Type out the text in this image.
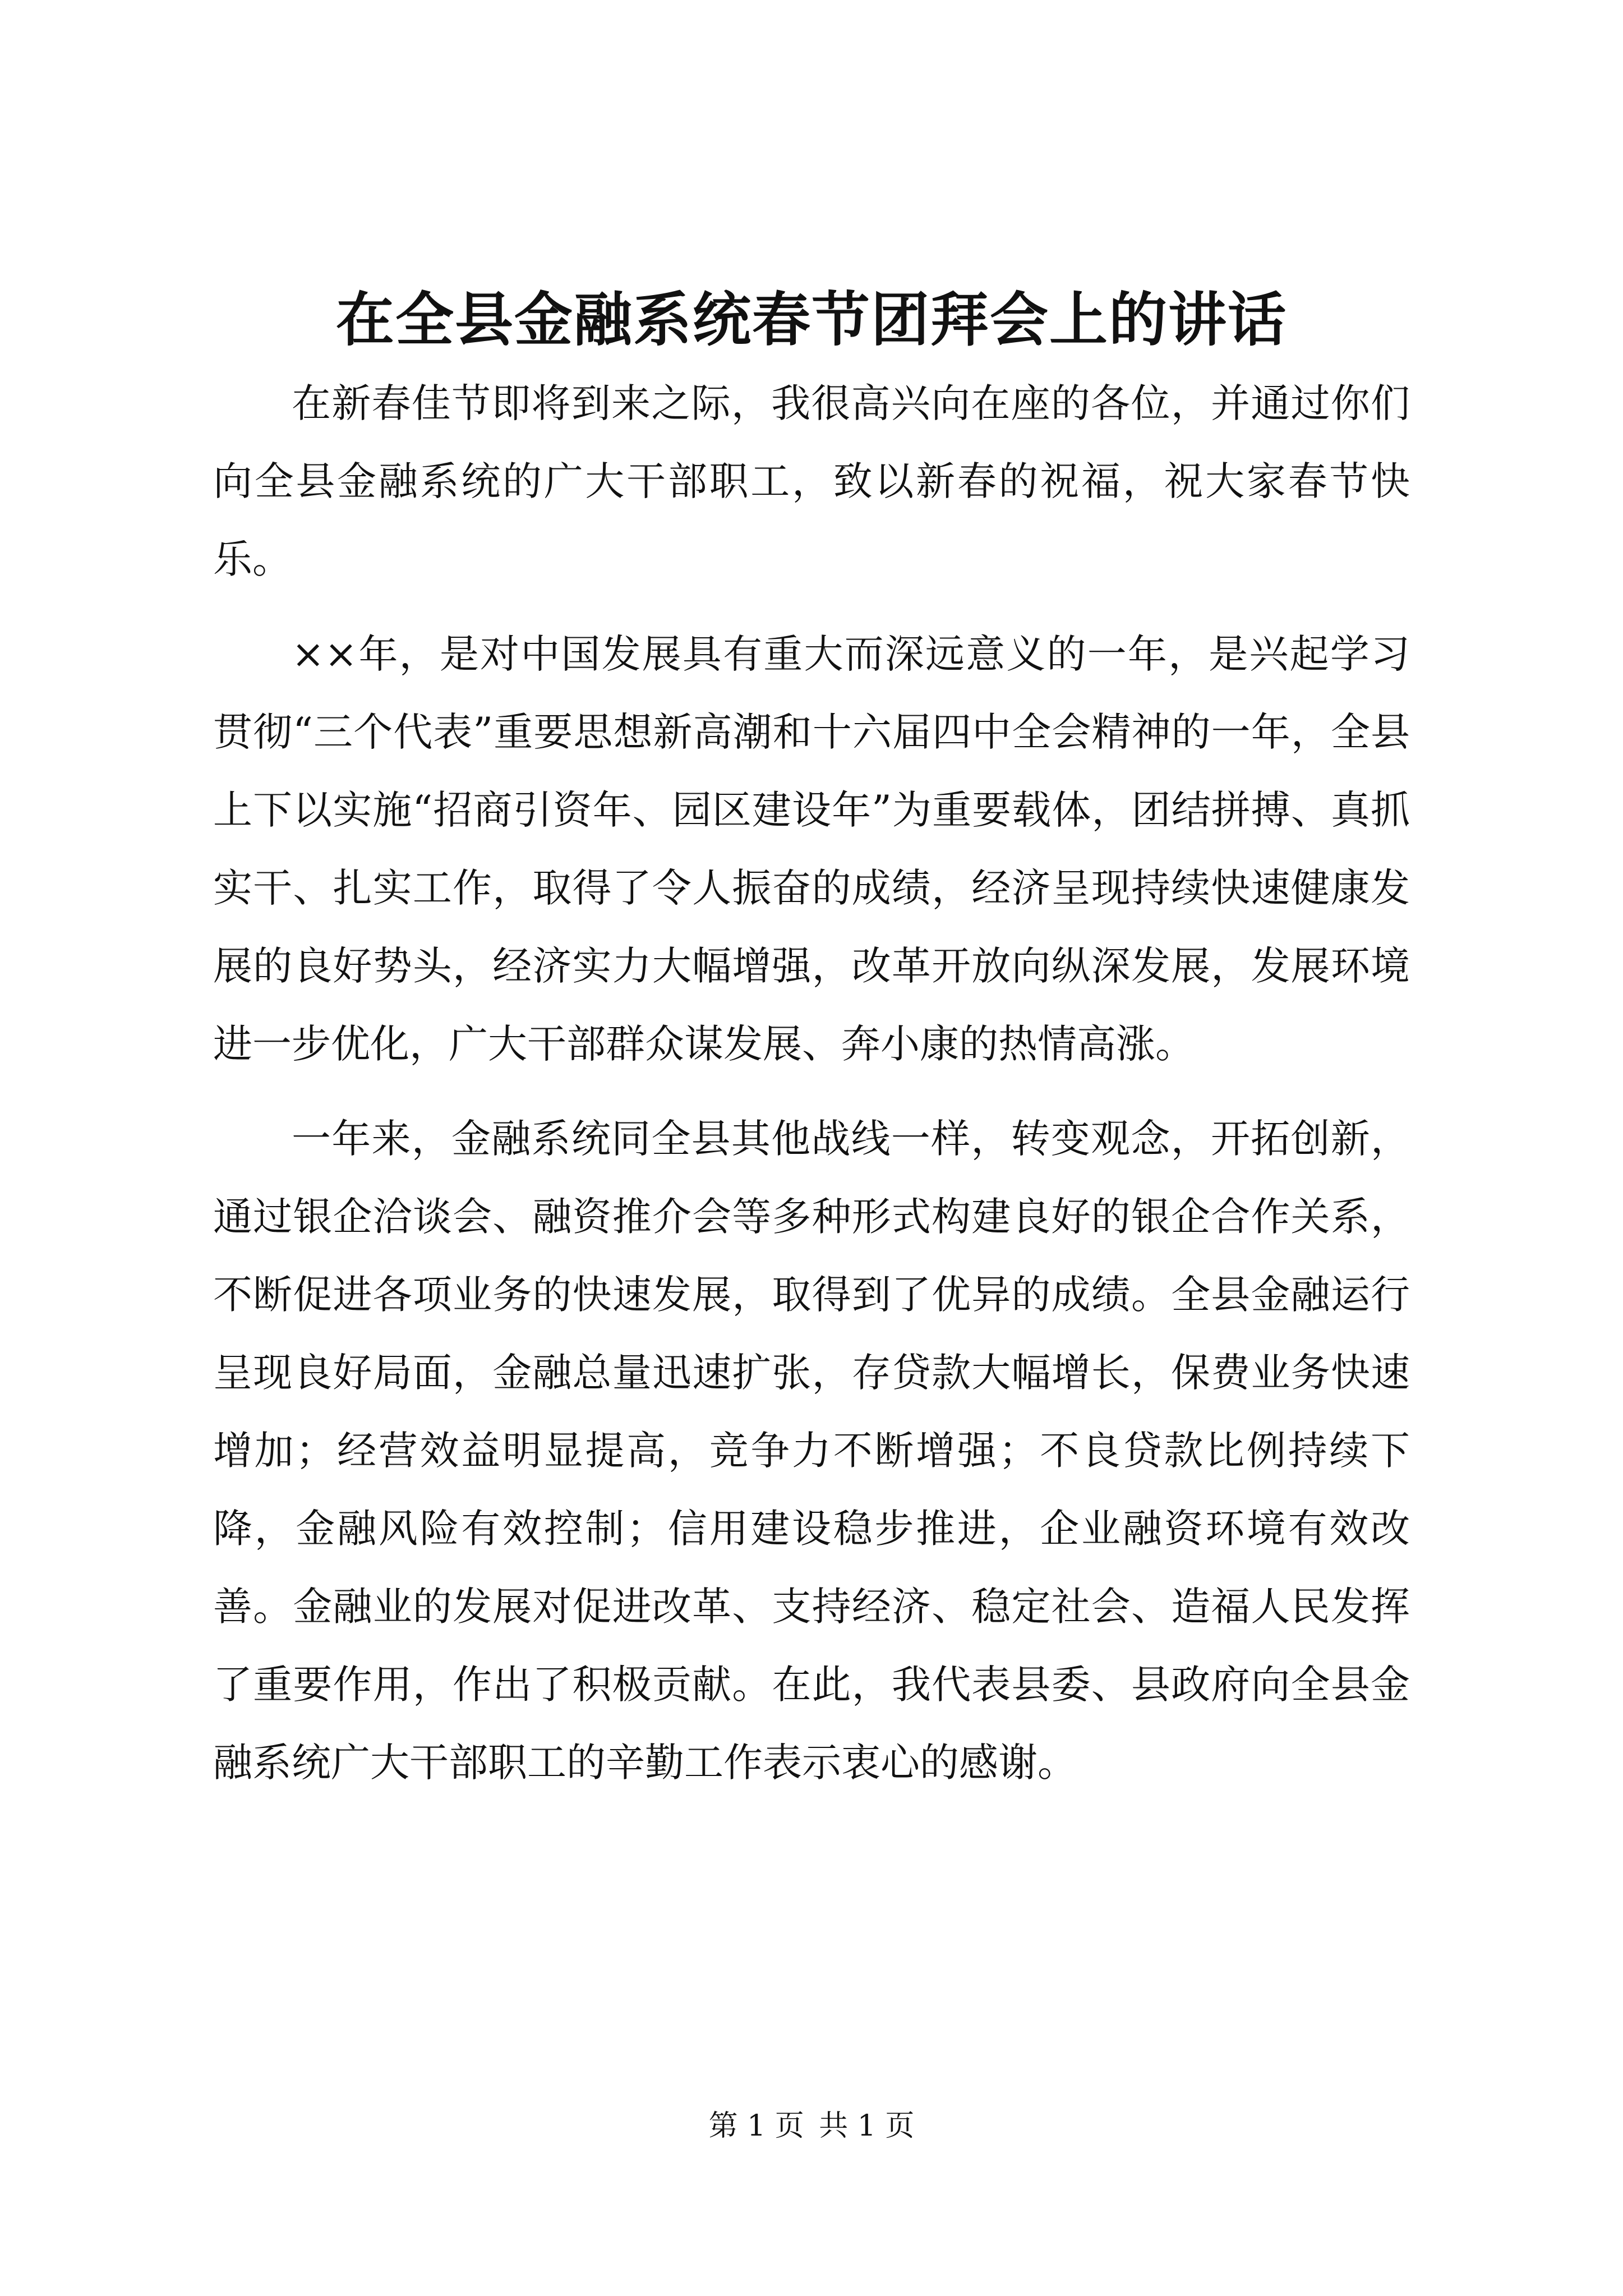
在全县金融系统春节团拜会上的讲话

在新春佳节即将到来之际，我很高兴向在座的各位，并通过你们向全县金融系统的广大干部职工，致以新春的祝福，祝大家春节快乐。

××年，是对中国发展具有重大而深远意义的一年，是兴起学习贯彻“三个代表”重要思想新高潮和十六届四中全会精神的一年，全县上下以实施“招商引资年、园区建设年”为重要载体，团结拼搏、真抓实干、扎实工作，取得了令人振奋的成绩，经济呈现持续快速健康发展的良好势头，经济实力大幅增强，改革开放向纵深发展，发展环境进一步优化，广大干部群众谋发展、奔小康的热情高涨。

一年来，金融系统同全县其他战线一样，转变观念，开拓创新，通过银企洽谈会、融资推介会等多种形式构建良好的银企合作关系，不断促进各项业务的快速发展，取得到了优异的成绩。全县金融运行呈现良好局面，金融总量迅速扩张，存贷款大幅增长，保费业务快速增加；经营效益明显提高，竞争力不断增强；不良贷款比例持续下降，金融风险有效控制；信用建设稳步推进，企业融资环境有效改善。金融业的发展对促进改革、支持经济、稳定社会、造福人民发挥了重要作用，作出了积极贡献。在此，我代表县委、县政府向全县金融系统广大干部职工的辛勤工作表示衷心的感谢。

第 1 页 共 1 页
